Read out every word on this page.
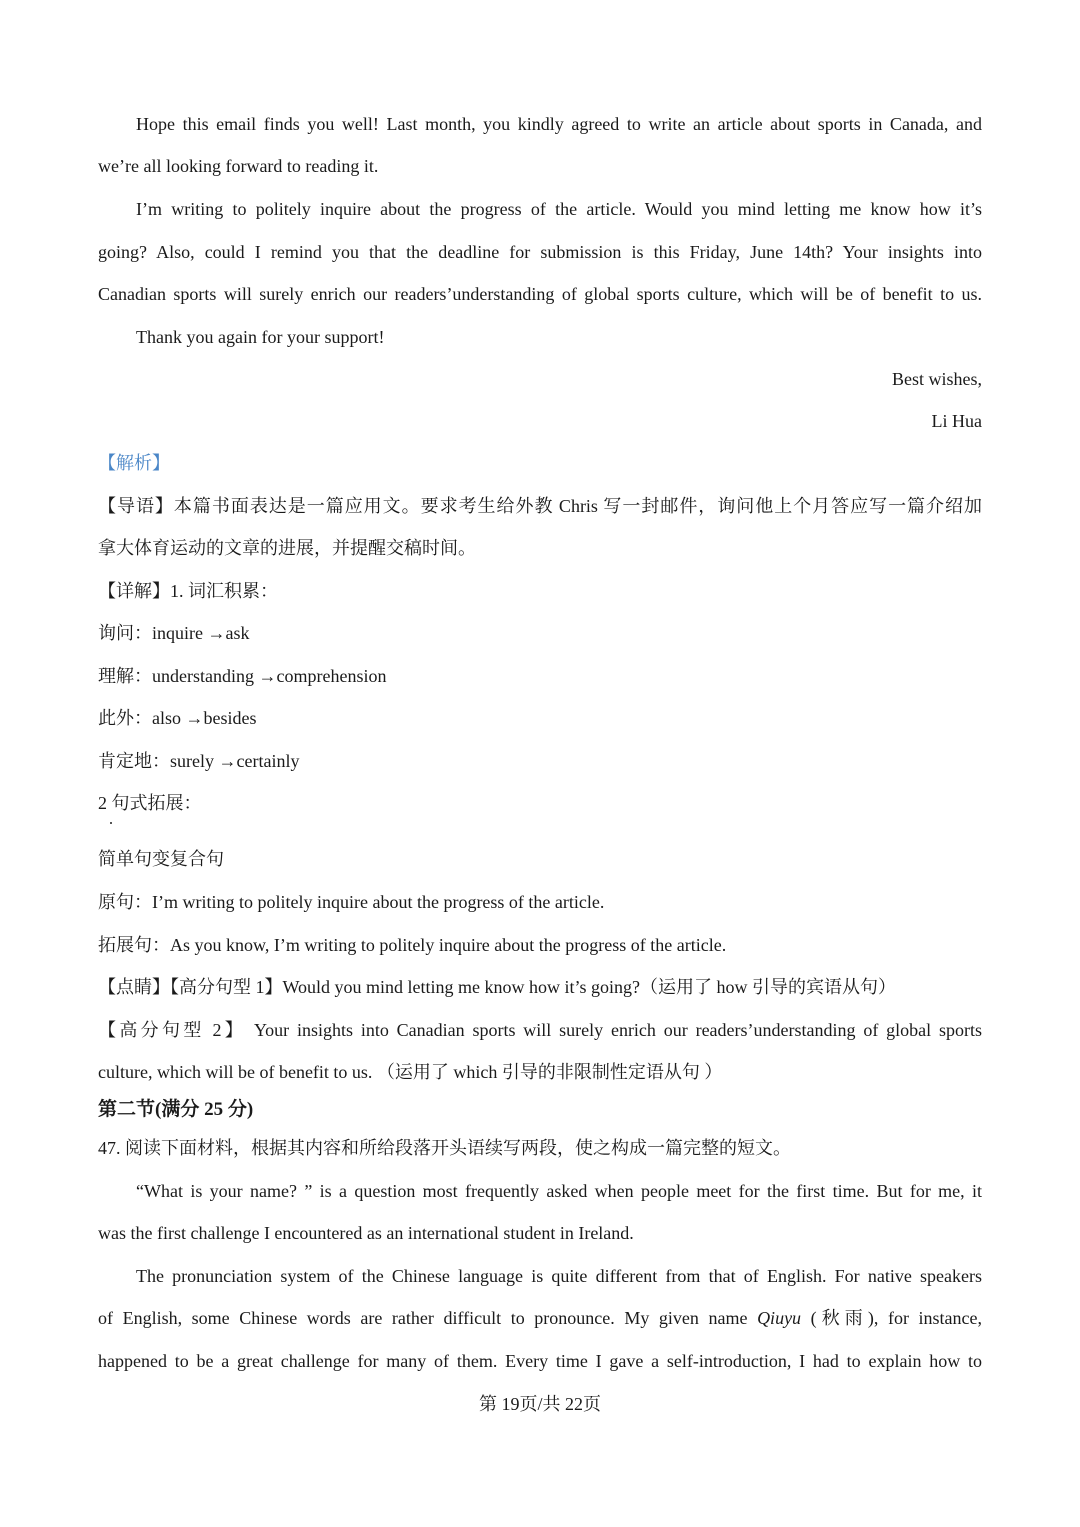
Hope this email finds you well! Last month, you kindly agreed to write an article about sports in Canada, and
we’re all looking forward to reading it.
I’m writing to politely inquire about the progress of the article. Would you mind letting me know how it’s
going? Also, could I remind you that the deadline for submission is this Friday, June 14th? Your insights into
Canadian sports will surely enrich our readers’understanding of global sports culture, which will be of benefit to us.
Thank you again for your support!
Best wishes,
Li Hua
【解析】
【导语】本篇书面表达是一篇应用文。要求考生给外教 Chris 写一封邮件，询问他上个月答应写一篇介绍加
拿大体育运动的文章的进展，并提醒交稿时间。
【详解】1. 词汇积累：
询问：inquire →ask
理解：understanding →comprehension
此外：also →besides
肯定地：surely →certainly
2 句式拓展：
简单句变复合句
原句：I’m writing to politely inquire about the progress of the article.
拓展句：As you know, I’m writing to politely inquire about the progress of the article.
【点睛】【高分句型 1】Would you mind letting me know how it’s going?（运用了 how 引导的宾语从句）
【高分句型 2】 Your insights into Canadian sports will surely enrich our readers’understanding of global sports
culture, which will be of benefit to us. （运用了 which 引导的非限制性定语从句 ）
第二节(满分 25 分)
47. 阅读下面材料，根据其内容和所给段落开头语续写两段，使之构成一篇完整的短文。
“What is your name? ” is a question most frequently asked when people meet for the first time. But for me, it
was the first challenge I encountered as an international student in Ireland.
The pronunciation system of the Chinese language is quite different from that of English. For native speakers
of English, some Chinese words are rather difficult to pronounce. My given name Qiuyu (秋雨), for instance,
happened to be a great challenge for many of them. Every time I gave a self-introduction, I had to explain how to
第 19页/共 22页
